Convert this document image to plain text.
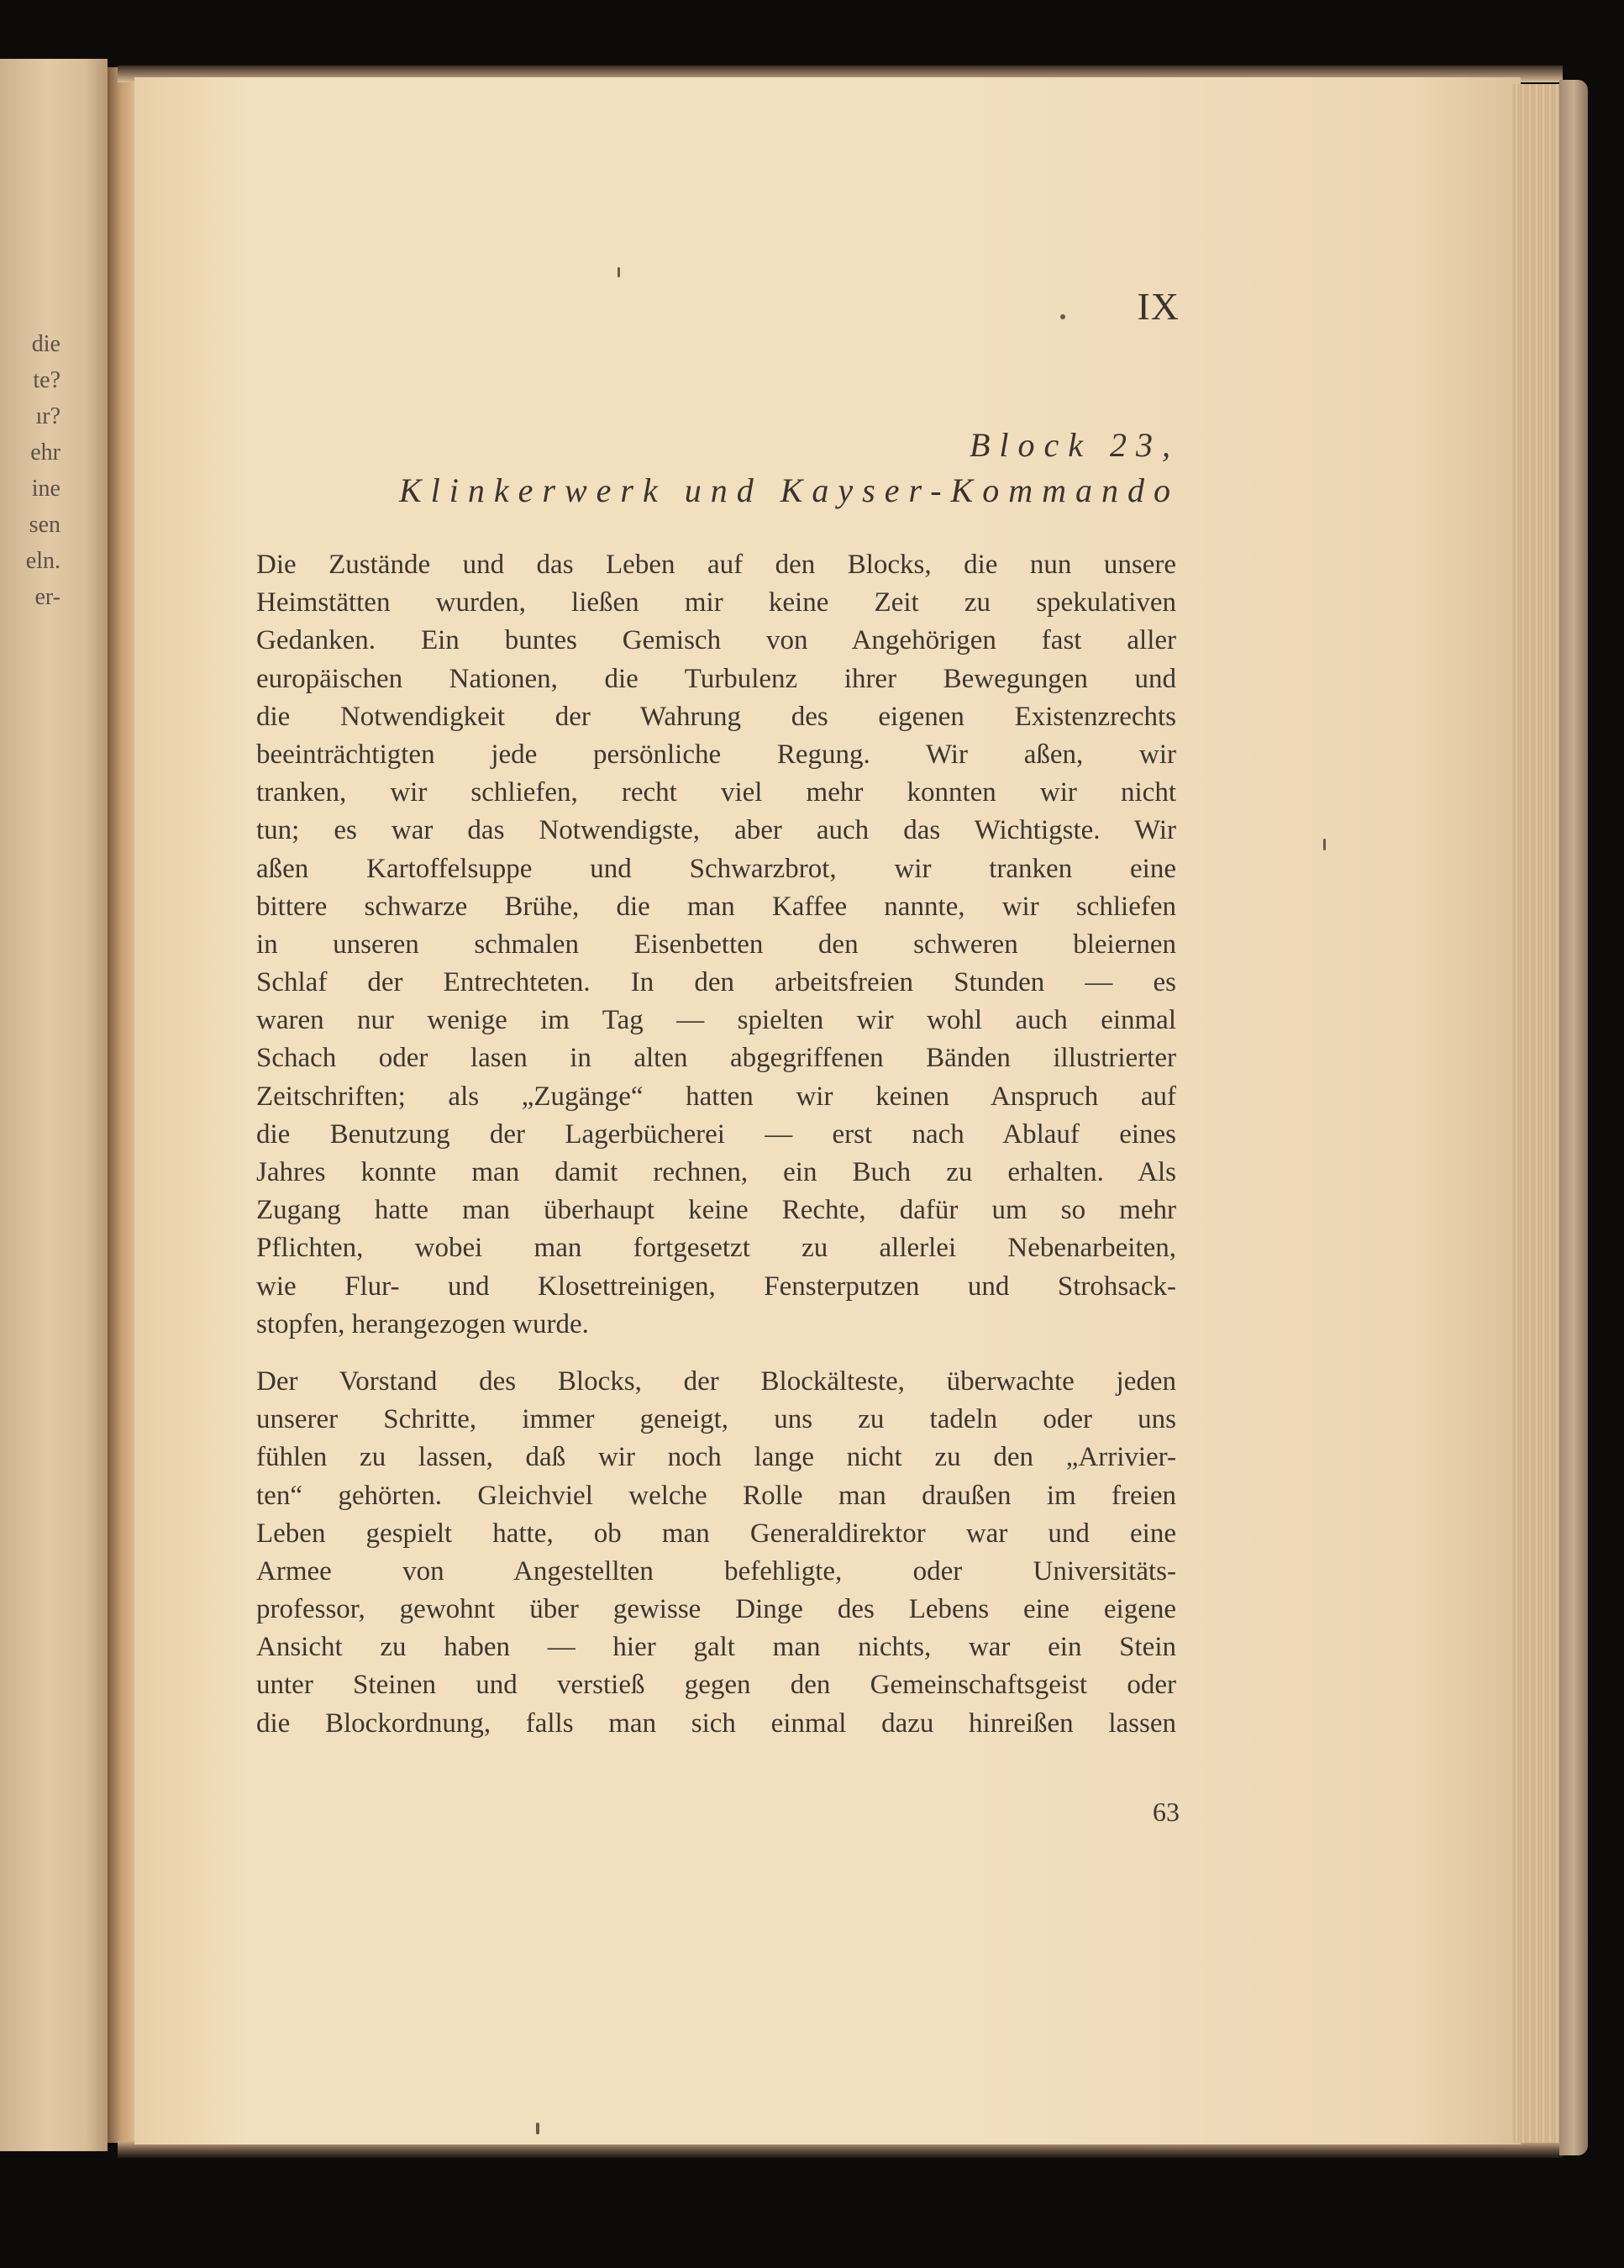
die
te?
ır?
ehr
ine
sen
eln.
er-
IX
Block 23,
Klinkerwerk und Kayser-Kommando

Die Zustände und das Leben auf den Blocks, die nun unsere
Heimstätten wurden, ließen mir keine Zeit zu spekulativen
Gedanken. Ein buntes Gemisch von Angehörigen fast aller
europäischen Nationen, die Turbulenz ihrer Bewegungen und
die Notwendigkeit der Wahrung des eigenen Existenzrechts
beeinträchtigten jede persönliche Regung. Wir aßen, wir
tranken, wir schliefen, recht viel mehr konnten wir nicht
tun; es war das Notwendigste, aber auch das Wichtigste. Wir
aßen Kartoffelsuppe und Schwarzbrot, wir tranken eine
bittere schwarze Brühe, die man Kaffee nannte, wir schliefen
in unseren schmalen Eisenbetten den schweren bleiernen
Schlaf der Entrechteten. In den arbeitsfreien Stunden — es
waren nur wenige im Tag — spielten wir wohl auch einmal
Schach oder lasen in alten abgegriffenen Bänden illustrierter
Zeitschriften; als „Zugänge“ hatten wir keinen Anspruch auf
die Benutzung der Lagerbücherei — erst nach Ablauf eines
Jahres konnte man damit rechnen, ein Buch zu erhalten. Als
Zugang hatte man überhaupt keine Rechte, dafür um so mehr
Pflichten, wobei man fortgesetzt zu allerlei Nebenarbeiten,
wie Flur- und Klosettreinigen, Fensterputzen und Strohsack-
stopfen, herangezogen wurde.

Der Vorstand des Blocks, der Blockälteste, überwachte jeden
unserer Schritte, immer geneigt, uns zu tadeln oder uns
fühlen zu lassen, daß wir noch lange nicht zu den „Arrivier-
ten“ gehörten. Gleichviel welche Rolle man draußen im freien
Leben gespielt hatte, ob man Generaldirektor war und eine
Armee von Angestellten befehligte, oder Universitäts-
professor, gewohnt über gewisse Dinge des Lebens eine eigene
Ansicht zu haben — hier galt man nichts, war ein Stein
unter Steinen und verstieß gegen den Gemeinschaftsgeist oder
die Blockordnung, falls man sich einmal dazu hinreißen lassen

63
